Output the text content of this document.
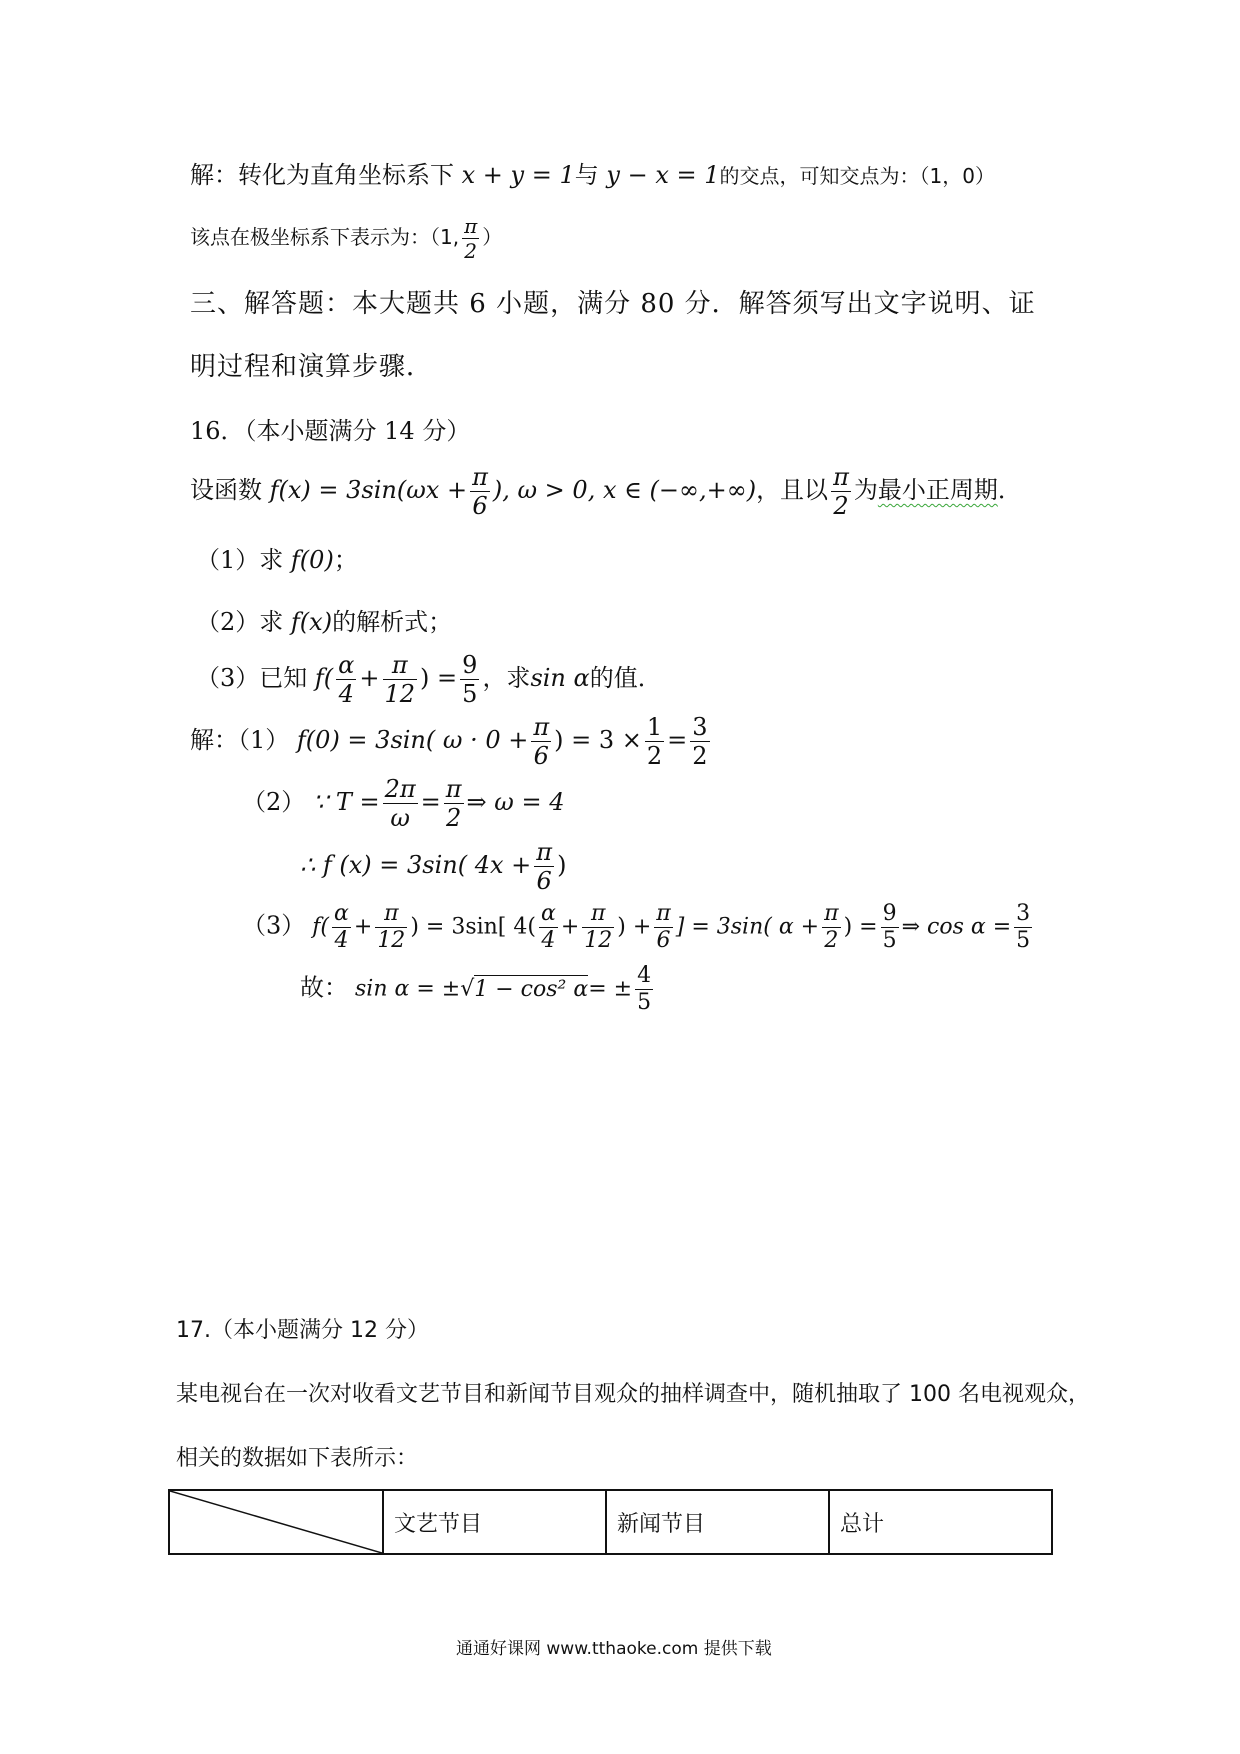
解：转化为直角坐标系下 x + y = 1与 y − x = 1的交点，可知交点为：（1，0）
该点在极坐标系下表示为：（1, $\frac{\pi}{2}$ ）
三、解答题：本大题共 6 小题，满分 80 分．解答须写出文字说明、证
明过程和演算步骤．
16．（本小题满分 14 分）
设函数 $f(x) = 3\sin(\omega x + \frac{\pi}{6}$ ), ω > 0, x ∈ (−∞,+∞)，且以 $\frac{\pi}{2}$ 为最小正周期．
（1）求 f(0)；
（2）求 f(x)的解析式；
（3）已知 $f( \frac{\alpha}{4} + \frac{\pi}{12}$ ) = $\frac{9}{5}$ ，求sin α的值．
解：（1） f(0) = 3sin( $\omega \cdot 0 + \frac{\pi}{6}$ ) = $3 \times \frac{1}{2} = \frac{3}{2}$
（2） ∵ $T = \frac{2\pi}{\omega} = \frac{\pi}{2}$ ⇒ ω = 4
∴ f (x) = 3sin( $4x + \frac{\pi}{6}$ )
（3） $f( \frac{\alpha}{4} + \frac{\pi}{12}$ ) = 3sin[ $4( \frac{\alpha}{4} + \frac{\pi}{12}$ ) + $\frac{\pi}{6}$ ] = 3sin( $\alpha + \frac{\pi}{2}$ ) = $\frac{9}{5}$ ⇒ $\cos \alpha = \frac{3}{5}$
故： sin α = ±√1 − cos² $\alpha= \pm \frac{4}{5}$
17.（本小题满分 12 分）
某电视台在一次对收看文艺节目和新闻节目观众的抽样调查中，随机抽取了 100 名电视观众，
相关的数据如下表所示：
	文艺节目	新闻节目	总计
通通好课网 www.tthaoke.com 提供下载
